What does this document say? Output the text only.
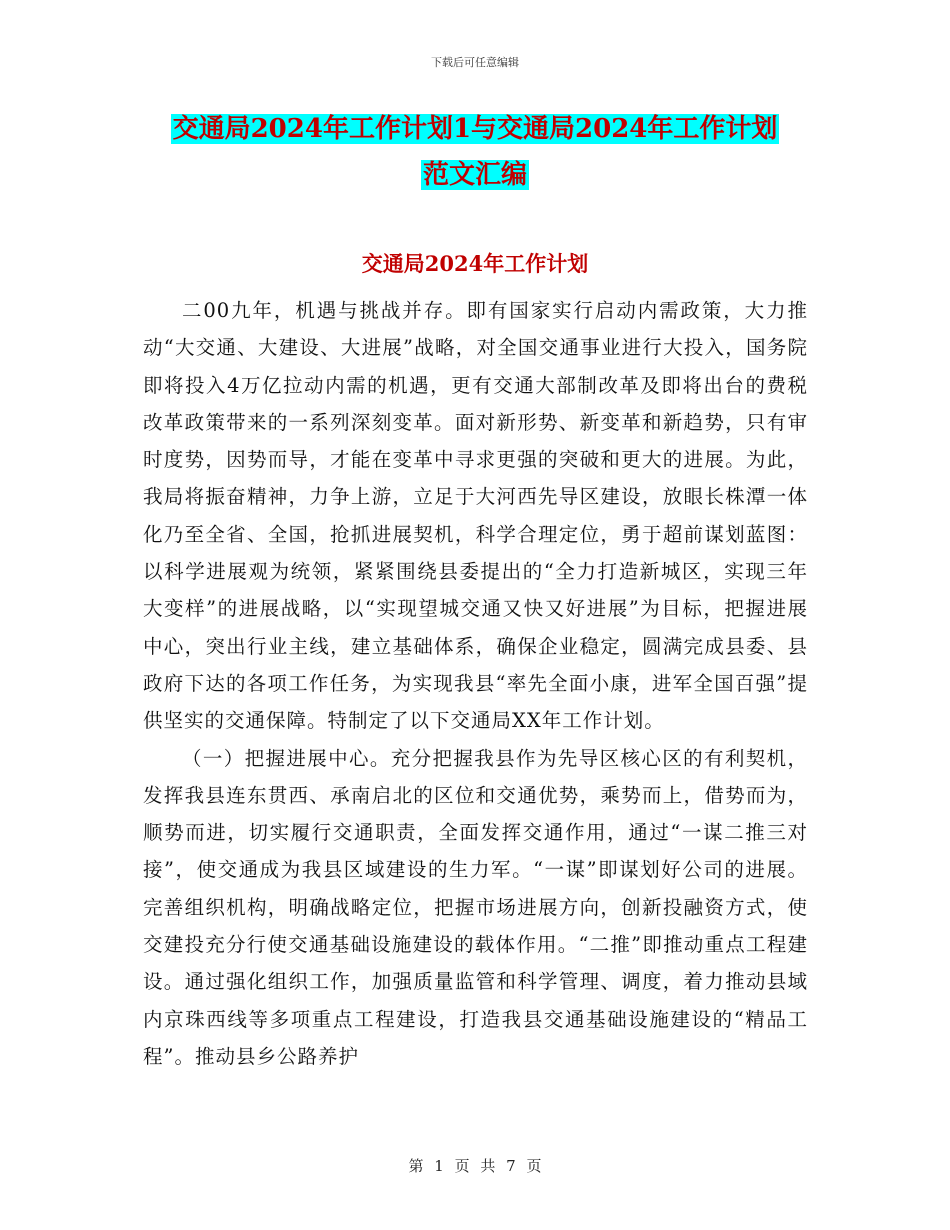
下载后可任意编辑
交通局2024年工作计划1与交通局2024年工作计划
范文汇编
交通局2024年工作计划

二00九年，机遇与挑战并存。即有国家实行启动内需政策，大力推动“大交通、大建设、大进展”战略，对全国交通事业进行大投入，国务院即将投入4万亿拉动内需的机遇，更有交通大部制改革及即将出台的费税改革政策带来的一系列深刻变革。面对新形势、新变革和新趋势，只有审时度势，因势而导，才能在变革中寻求更强的突破和更大的进展。为此，我局将振奋精神，力争上游，立足于大河西先导区建设，放眼长株潭一体化乃至全省、全国，抢抓进展契机，科学合理定位，勇于超前谋划蓝图：以科学进展观为统领，紧紧围绕县委提出的“全力打造新城区，实现三年大变样”的进展战略，以“实现望城交通又快又好进展”为目标，把握进展中心，突出行业主线，建立基础体系，确保企业稳定，圆满完成县委、县政府下达的各项工作任务，为实现我县“率先全面小康，进军全国百强”提供坚实的交通保障。特制定了以下交通局XX年工作计划。

（一）把握进展中心。充分把握我县作为先导区核心区的有利契机，发挥我县连东贯西、承南启北的区位和交通优势，乘势而上，借势而为，顺势而进，切实履行交通职责，全面发挥交通作用，通过“一谋二推三对接”，使交通成为我县区域建设的生力军。“一谋”即谋划好公司的进展。完善组织机构，明确战略定位，把握市场进展方向，创新投融资方式，使交建投充分行使交通基础设施建设的载体作用。“二推”即推动重点工程建设。通过强化组织工作，加强质量监管和科学管理、调度，着力推动县域内京珠西线等多项重点工程建设，打造我县交通基础设施建设的“精品工程”。推动县乡公路养护

第 1 页 共 7 页
